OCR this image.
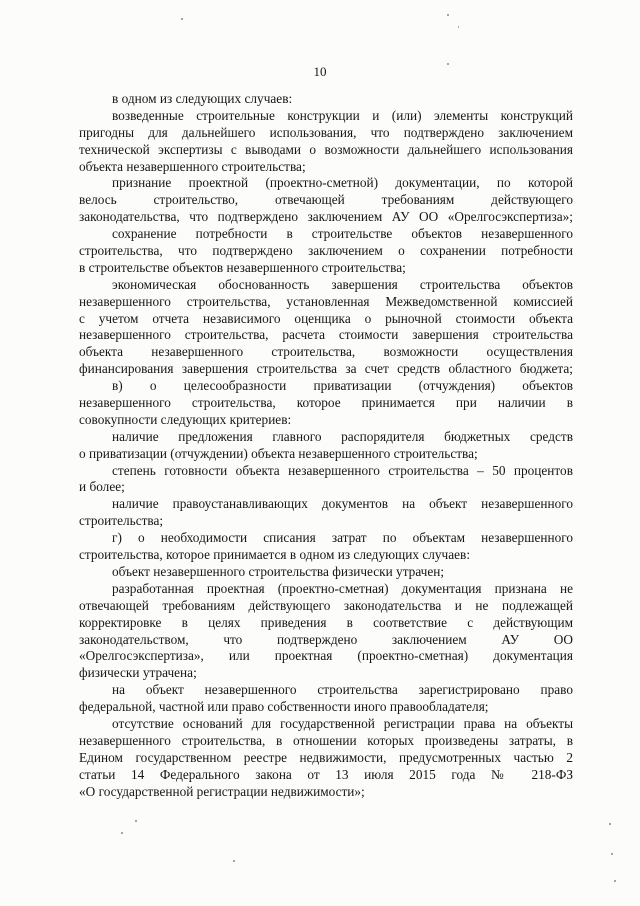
10
в одном из следующих случаев:
возведенные строительные конструкции и (или) элементы конструкций
пригодны для дальнейшего использования, что подтверждено заключением
технической экспертизы с выводами о возможности дальнейшего использования
объекта незавершенного строительства;
признание проектной (проектно-сметной) документации, по которой
велось строительство, отвечающей требованиям действующего
законодательства, что подтверждено заключением АУ ОО «Орелгосэкспертиза»;
сохранение потребности в строительстве объектов незавершенного
строительства, что подтверждено заключением о сохранении потребности
в строительстве объектов незавершенного строительства;
экономическая обоснованность завершения строительства объектов
незавершенного строительства, установленная Межведомственной комиссией
с учетом отчета независимого оценщика о рыночной стоимости объекта
незавершенного строительства, расчета стоимости завершения строительства
объекта незавершенного строительства, возможности осуществления
финансирования завершения строительства за счет средств областного бюджета;
в) о целесообразности приватизации (отчуждения) объектов
незавершенного строительства, которое принимается при наличии в
совокупности следующих критериев:
наличие предложения главного распорядителя бюджетных средств
о приватизации (отчуждении) объекта незавершенного строительства;
степень готовности объекта незавершенного строительства – 50 процентов
и более;
наличие правоустанавливающих документов на объект незавершенного
строительства;
г) о необходимости списания затрат по объектам незавершенного
строительства, которое принимается в одном из следующих случаев:
объект незавершенного строительства физически утрачен;
разработанная проектная (проектно-сметная) документация признана не
отвечающей требованиям действующего законодательства и не подлежащей
корректировке в целях приведения в соответствие с действующим
законодательством, что подтверждено заключением АУ ОО
«Орелгосэкспертиза», или проектная (проектно-сметная) документация
физически утрачена;
на объект незавершенного строительства зарегистрировано право
федеральной, частной или право собственности иного правообладателя;
отсутствие оснований для государственной регистрации права на объекты
незавершенного строительства, в отношении которых произведены затраты, в
Едином государственном реестре недвижимости, предусмотренных частью 2
статьи 14 Федерального закона от 13 июля 2015 года № 218-ФЗ
«О государственной регистрации недвижимости»;
